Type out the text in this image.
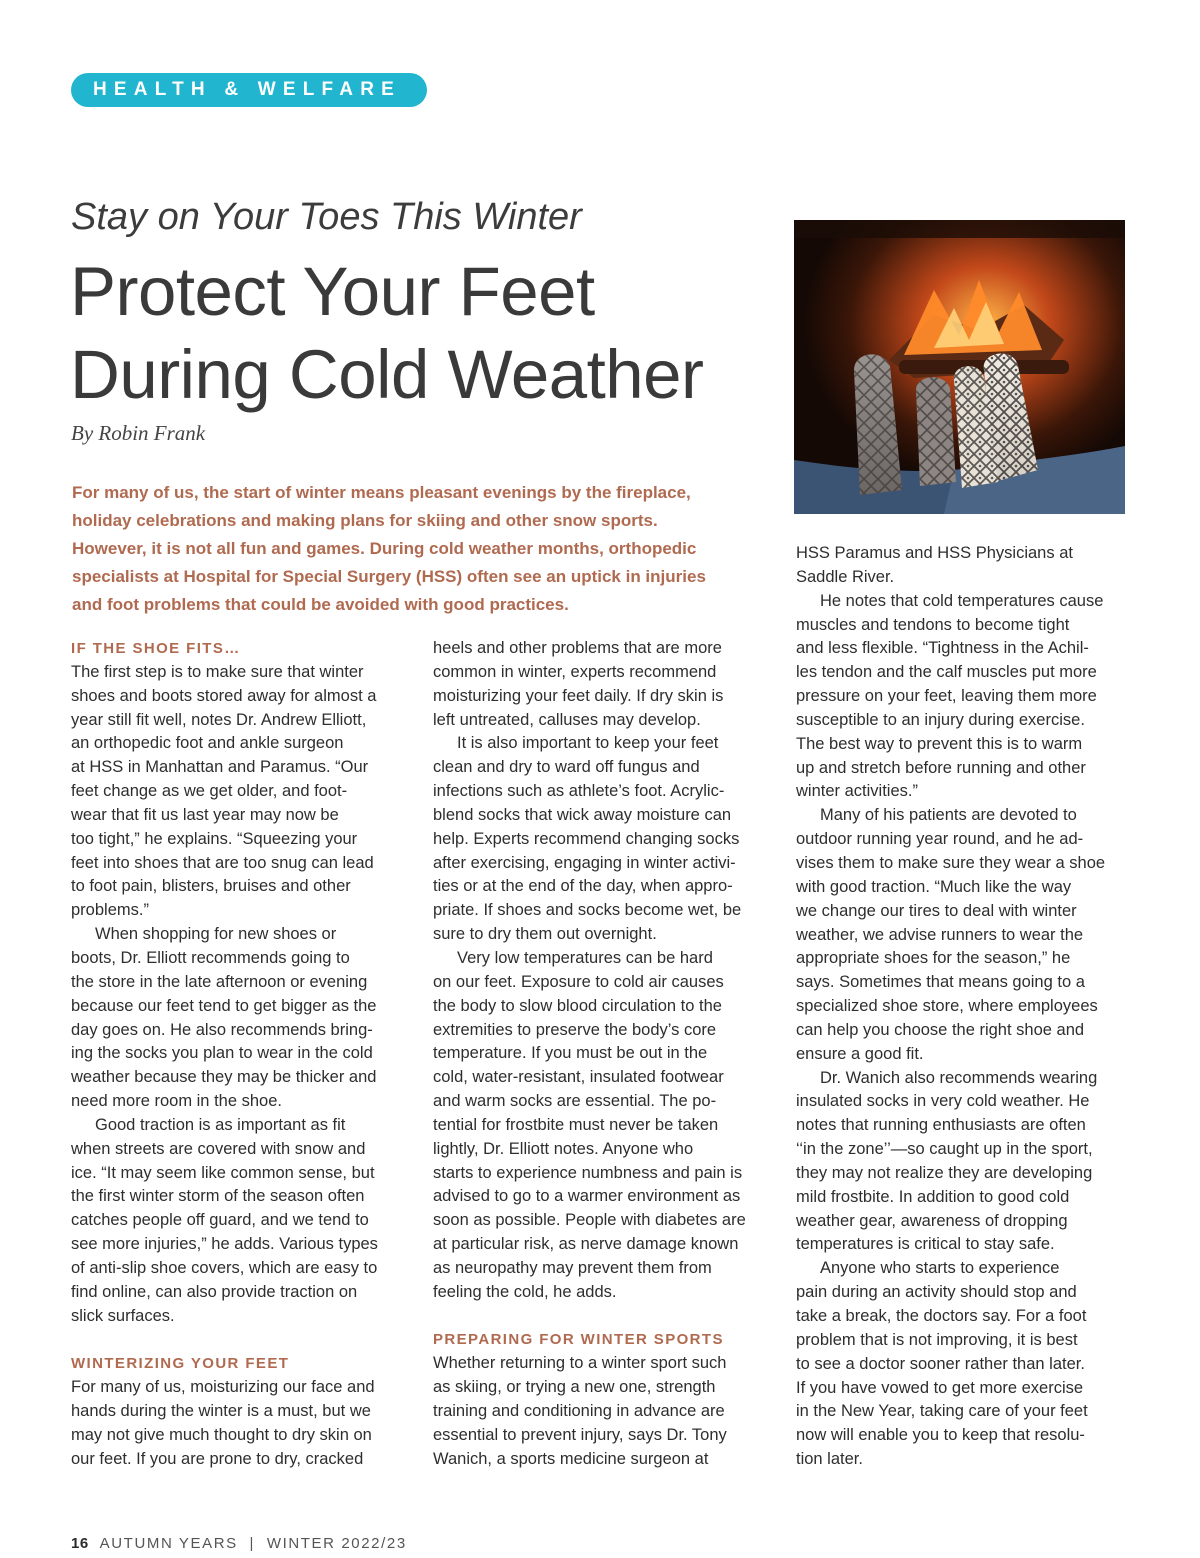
HEALTH & WELFARE
Stay on Your Toes This Winter
Protect Your Feet
During Cold Weather
By Robin Frank

For many of us, the start of winter means pleasant evenings by the fireplace,
holiday celebrations and making plans for skiing and other snow sports.
However, it is not all fun and games. During cold weather months, orthopedic
specialists at Hospital for Special Surgery (HSS) often see an uptick in injuries
and foot problems that could be avoided with good practices.

IF THE SHOE FITS…
The first step is to make sure that winter
shoes and boots stored away for almost a
year still fit well, notes Dr. Andrew Elliott,
an orthopedic foot and ankle surgeon
at HSS in Manhattan and Paramus. “Our
feet change as we get older, and foot-
wear that fit us last year may now be
too tight,” he explains. “Squeezing your
feet into shoes that are too snug can lead
to foot pain, blisters, bruises and other
problems.”
When shopping for new shoes or
boots, Dr. Elliott recommends going to
the store in the late afternoon or evening
because our feet tend to get bigger as the
day goes on. He also recommends bring-
ing the socks you plan to wear in the cold
weather because they may be thicker and
need more room in the shoe.
Good traction is as important as fit
when streets are covered with snow and
ice. “It may seem like common sense, but
the first winter storm of the season often
catches people off guard, and we tend to
see more injuries,” he adds. Various types
of anti-slip shoe covers, which are easy to
find online, can also provide traction on
slick surfaces.
WINTERIZING YOUR FEET
For many of us, moisturizing our face and
hands during the winter is a must, but we
may not give much thought to dry skin on
our feet. If you are prone to dry, cracked
heels and other problems that are more
common in winter, experts recommend
moisturizing your feet daily. If dry skin is
left untreated, calluses may develop.
It is also important to keep your feet
clean and dry to ward off fungus and
infections such as athlete’s foot. Acrylic-
blend socks that wick away moisture can
help. Experts recommend changing socks
after exercising, engaging in winter activi-
ties or at the end of the day, when appro-
priate. If shoes and socks become wet, be
sure to dry them out overnight.
Very low temperatures can be hard
on our feet. Exposure to cold air causes
the body to slow blood circulation to the
extremities to preserve the body’s core
temperature. If you must be out in the
cold, water-resistant, insulated footwear
and warm socks are essential. The po-
tential for frostbite must never be taken
lightly, Dr. Elliott notes. Anyone who
starts to experience numbness and pain is
advised to go to a warmer environment as
soon as possible. People with diabetes are
at particular risk, as nerve damage known
as neuropathy may prevent them from
feeling the cold, he adds.
PREPARING FOR WINTER SPORTS
Whether returning to a winter sport such
as skiing, or trying a new one, strength
training and conditioning in advance are
essential to prevent injury, says Dr. Tony
Wanich, a sports medicine surgeon at
HSS Paramus and HSS Physicians at
Saddle River.
He notes that cold temperatures cause
muscles and tendons to become tight
and less flexible. “Tightness in the Achil-
les tendon and the calf muscles put more
pressure on your feet, leaving them more
susceptible to an injury during exercise.
The best way to prevent this is to warm
up and stretch before running and other
winter activities.”
Many of his patients are devoted to
outdoor running year round, and he ad-
vises them to make sure they wear a shoe
with good traction. “Much like the way
we change our tires to deal with winter
weather, we advise runners to wear the
appropriate shoes for the season,” he
says. Sometimes that means going to a
specialized shoe store, where employees
can help you choose the right shoe and
ensure a good fit.
Dr. Wanich also recommends wearing
insulated socks in very cold weather. He
notes that running enthusiasts are often
‘‘in the zone’’—so caught up in the sport,
they may not realize they are developing
mild frostbite. In addition to good cold
weather gear, awareness of dropping
temperatures is critical to stay safe.
Anyone who starts to experience
pain during an activity should stop and
take a break, the doctors say. For a foot
problem that is not improving, it is best
to see a doctor sooner rather than later.
If you have vowed to get more exercise
in the New Year, taking care of your feet
now will enable you to keep that resolu-
tion later.
16 AUTUMN YEARS | WINTER 2022/23
